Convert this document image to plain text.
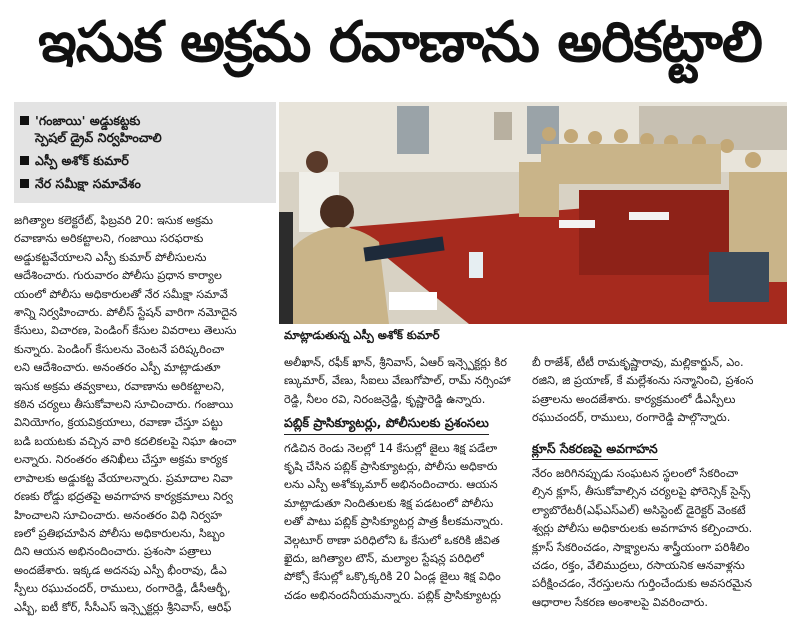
ఇసుక అక్రమ రవాణాను అరికట్టాలి
'గంజాయి' అడ్డుకట్టకు
స్పెషల్ డ్రైవ్ నిర్వహించాలి
ఎస్పీ అశోక్ కుమార్
నేర సమీక్షా సమావేశం
మాట్లాడుతున్న ఎస్పీ అశోక్ కుమార్

జగిత్యాల కలెక్టరేట్, ఫిబ్రవరి 20: ఇసుక అక్రమ

రవాణాను అరికట్టాలని, గంజాయి సరఫరాకు

అడ్డుకట్టవేయాలని ఎస్పీ కుమార్ పోలీసులను

ఆదేశించారు. గురువారం పోలీసు ప్రధాన కార్యాల

యంలో పోలీసు అధికారులతో నేర సమీక్షా సమావే

శాన్ని నిర్వహించారు. పోలీస్ స్టేషన్ వారిగా నమోదైన

కేసులు, విచారణ, పెండింగ్ కేసుల వివరాలు తెలుసు

కున్నారు. పెండింగ్ కేసులను వెంటనే పరిష్కరించా

లని ఆదేశించారు. అనంతరం ఎస్పీ మాట్లాడుతూ

ఇసుక అక్రమ తవ్వకాలు, రవాణాను అరికట్టాలని,

కఠిన చర్యలు తీసుకోవాలని సూచించారు. గంజాయి

వినియోగం, క్రయవిక్రయాలు, రవాణా చేస్తూ పట్టు

బడి బయటకు వచ్చిన వారి కదలికలపై నిఘా ఉంచా

లన్నారు. నిరంతరం తనిఖీలు చేస్తూ అక్రమ కార్యక

లాపాలకు అడ్డుకట్ట వేయాలన్నారు. ప్రమాదాల నివా

రణకు రోడ్డు భద్రతపై అవగాహన కార్యక్రమాలు నిర్వ

హించాలని సూచించారు. అనంతరం విధి నిర్వహ

ణలో ప్రతిభచూపిన పోలీసు అధికారులను, సిబ్బం

దిని ఆయన అభినందించారు. ప్రశంసా పత్రాలు

అందజేశారు. ఇక్కడ అదనపు ఎస్పీ భీంరావు, డీఎ

స్పీలు రఘుచందర్, రాములు, రంగారెడ్డి, డీసీఆర్బీ,

ఎస్బీ, ఐటీ కోర్, సీసీఎస్ ఇన్స్పెక్టర్లు శ్రీనివాస్, ఆరిఫ్

అలీఖాన్, రఫీక్ ఖాన్, శ్రీనివాస్, ఏఆర్ ఇన్స్పెక్టర్లు కిర

ణ్కుమార్, వేణు, సీఐలు వేణుగోపాల్, రామ్ నర్సింహా

రెడ్డి, నీలం రవి, నిరంజన్రెడ్డి, కృష్ణారెడ్డి ఉన్నారు.

పబ్లిక్ ప్రాసిక్యూటర్లు, పోలీసులకు ప్రశంసలు

గడిచిన రెండు నెలల్లో 14 కేసుల్లో జైలు శిక్ష పడేలా

కృషి చేసిన పబ్లిక్ ప్రాసిక్యూటర్లు, పోలీసు అధికారు

లను ఎస్పీ అశోక్కుమార్ అభినందించారు. ఆయన

మాట్లాడుతూ నిందితులకు శిక్ష పడటంలో పోలీసు

లతో పాటు పబ్లిక్ ప్రాసిక్యూటర్ల పాత్ర కీలకమన్నారు.

వెల్గటూర్ ఠాణా పరిధిలోని ఓ కేసులో ఒకరికి జీవిత

ఖైదు, జగిత్యాల టౌన్, మల్యాల స్టేషన్ల పరిధిలో

పోక్సో కేసుల్లో ఒక్కొక్కరికి 20 ఏండ్ల జైలు శిక్ష విధిం

చడం అభినందనీయమన్నారు. పబ్లిక్ ప్రాసిక్యూటర్లు

బీ రాజేశ్, టీటీ రామకృష్ణారావు, మల్లికార్జున్, ఎం.

రజిని, జి ప్రయాణ్, కే మల్లేశంను సన్మానించి, ప్రశంస

పత్రాలను అందజేశారు. కార్యక్రమంలో డీఎస్పీలు

రఘుచందర్, రాములు, రంగారెడ్డి పాల్గొన్నారు.

క్లూస్ సేకరణపై అవగాహన

నేరం జరిగినప్పుడు సంఘటన స్థలంలో సేకరించా

ల్సిన క్లూస్, తీసుకోవాల్సిన చర్యలపై ఫోరెన్సిక్ సైన్స్

ల్యాబొరేటరీ(ఎఫ్ఎస్ఎల్) అసిస్టెంట్ డైరెక్టర్ వెంకటే

శ్వర్లు పోలీసు అధికారులకు అవగాహన కల్పించారు.

క్లూస్ సేకరించడం, సాక్ష్యాలను శాస్త్రీయంగా పరిశీలిం

చడం, రక్తం, వేలిముద్రలు, రసాయనిక ఆనవాళ్లను

పరీక్షించడం, నేరస్తులను గుర్తించేందుకు అవసరమైన

ఆధారాల సేకరణ అంశాలపై వివరించారు.
